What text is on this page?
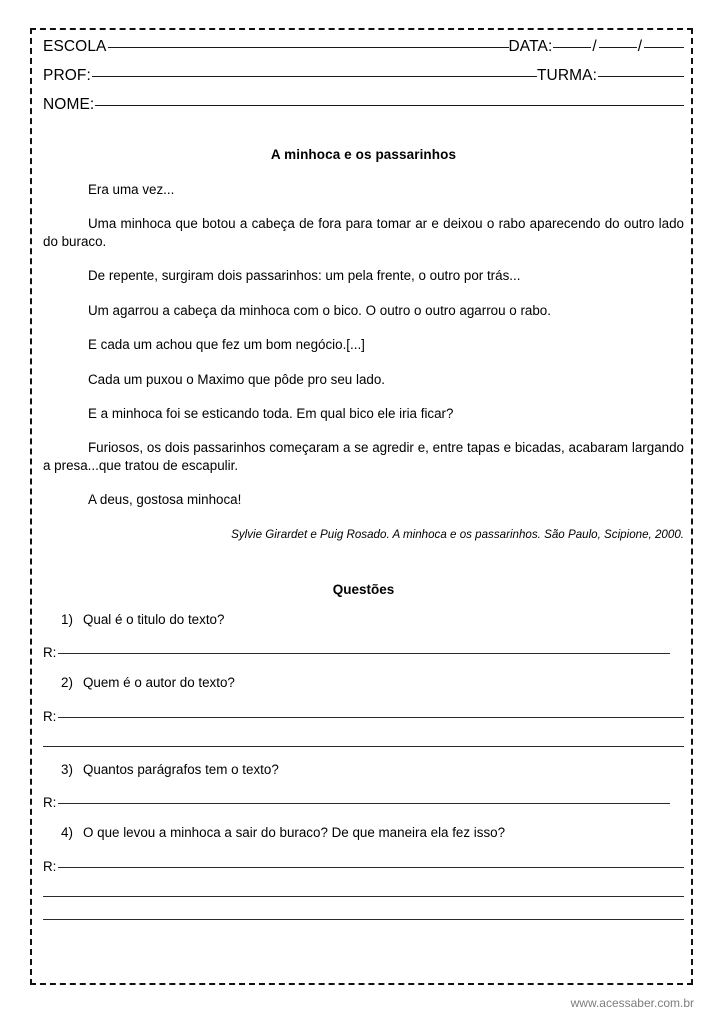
ESCOLA	DATA:	/	/
PROF:	TURMA:
NOME:
A minhoca e os passarinhos

Era uma vez...

Uma minhoca que botou a cabeça de fora para tomar ar e deixou o rabo aparecendo do outro lado do buraco.

De repente, surgiram dois passarinhos: um pela frente, o outro por trás...

Um agarrou a cabeça da minhoca com o bico. O outro o outro agarrou o rabo.

E cada um achou que fez um bom negócio.[...]

Cada um puxou o Maximo que pôde pro seu lado.

E a minhoca foi se esticando toda. Em qual bico ele iria ficar?

Furiosos, os dois passarinhos começaram a se agredir e, entre tapas e bicadas, acabaram largando a presa...que tratou de escapulir.

A deus, gostosa minhoca!

Sylvie Girardet e Puig Rosado. A minhoca e os passarinhos. São Paulo, Scipione, 2000.
Questões
1) Qual é o titulo do texto?
R:
2) Quem é o autor do texto?
R:
3) Quantos parágrafos tem o texto?
R:
4) O que levou a minhoca a sair do buraco? De que maneira ela fez isso?
R:
www.acessaber.com.br
